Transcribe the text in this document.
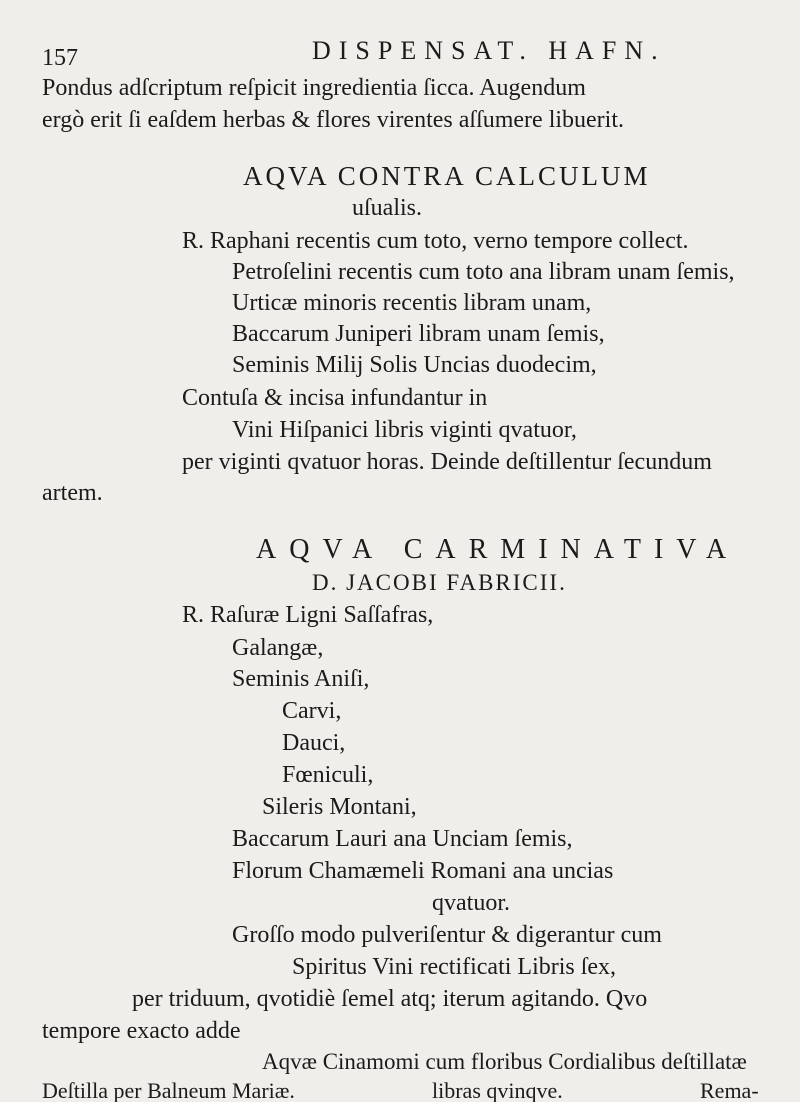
157	DISPENSAT. HAFN.
Pondus adſcriptum reſpicit ingredientia ſicca. Augendum
ergò erit ſi eaſdem herbas & flores virentes aſſumere libuerit.
AQVA CONTRA CALCULUM
uſualis.
R. Raphani recentis cum toto, verno tempore collect.
Petroſelini recentis cum toto ana libram unam ſemis,
Urticæ minoris recentis libram unam,
Baccarum Juniperi libram unam ſemis,
Seminis Milij Solis Uncias duodecim,
Contuſa & incisa infundantur in
Vini Hiſpanici libris viginti qvatuor,
per viginti qvatuor horas. Deinde deſtillentur ſecundum
artem.
AQVA CARMINATIVA
D. JACOBI FABRICII.
R. Raſuræ Ligni Saſſafras,
Galangæ,
Seminis Aniſi,
Carvi,
Dauci,
Fœniculi,
Sileris Montani,
Baccarum Lauri ana Unciam ſemis,
Florum Chamæmeli Romani ana uncias
qvatuor.
Groſſo modo pulveriſentur & digerantur cum
Spiritus Vini rectificati Libris ſex,
per triduum, qvotidiè ſemel atq; iterum agitando. Qvo
tempore exacto adde
Aqvæ Cinamomi cum floribus Cordialibus deſtillatæ
libras qvinqve.
Deſtilla per Balneum Mariæ.	Rema-
